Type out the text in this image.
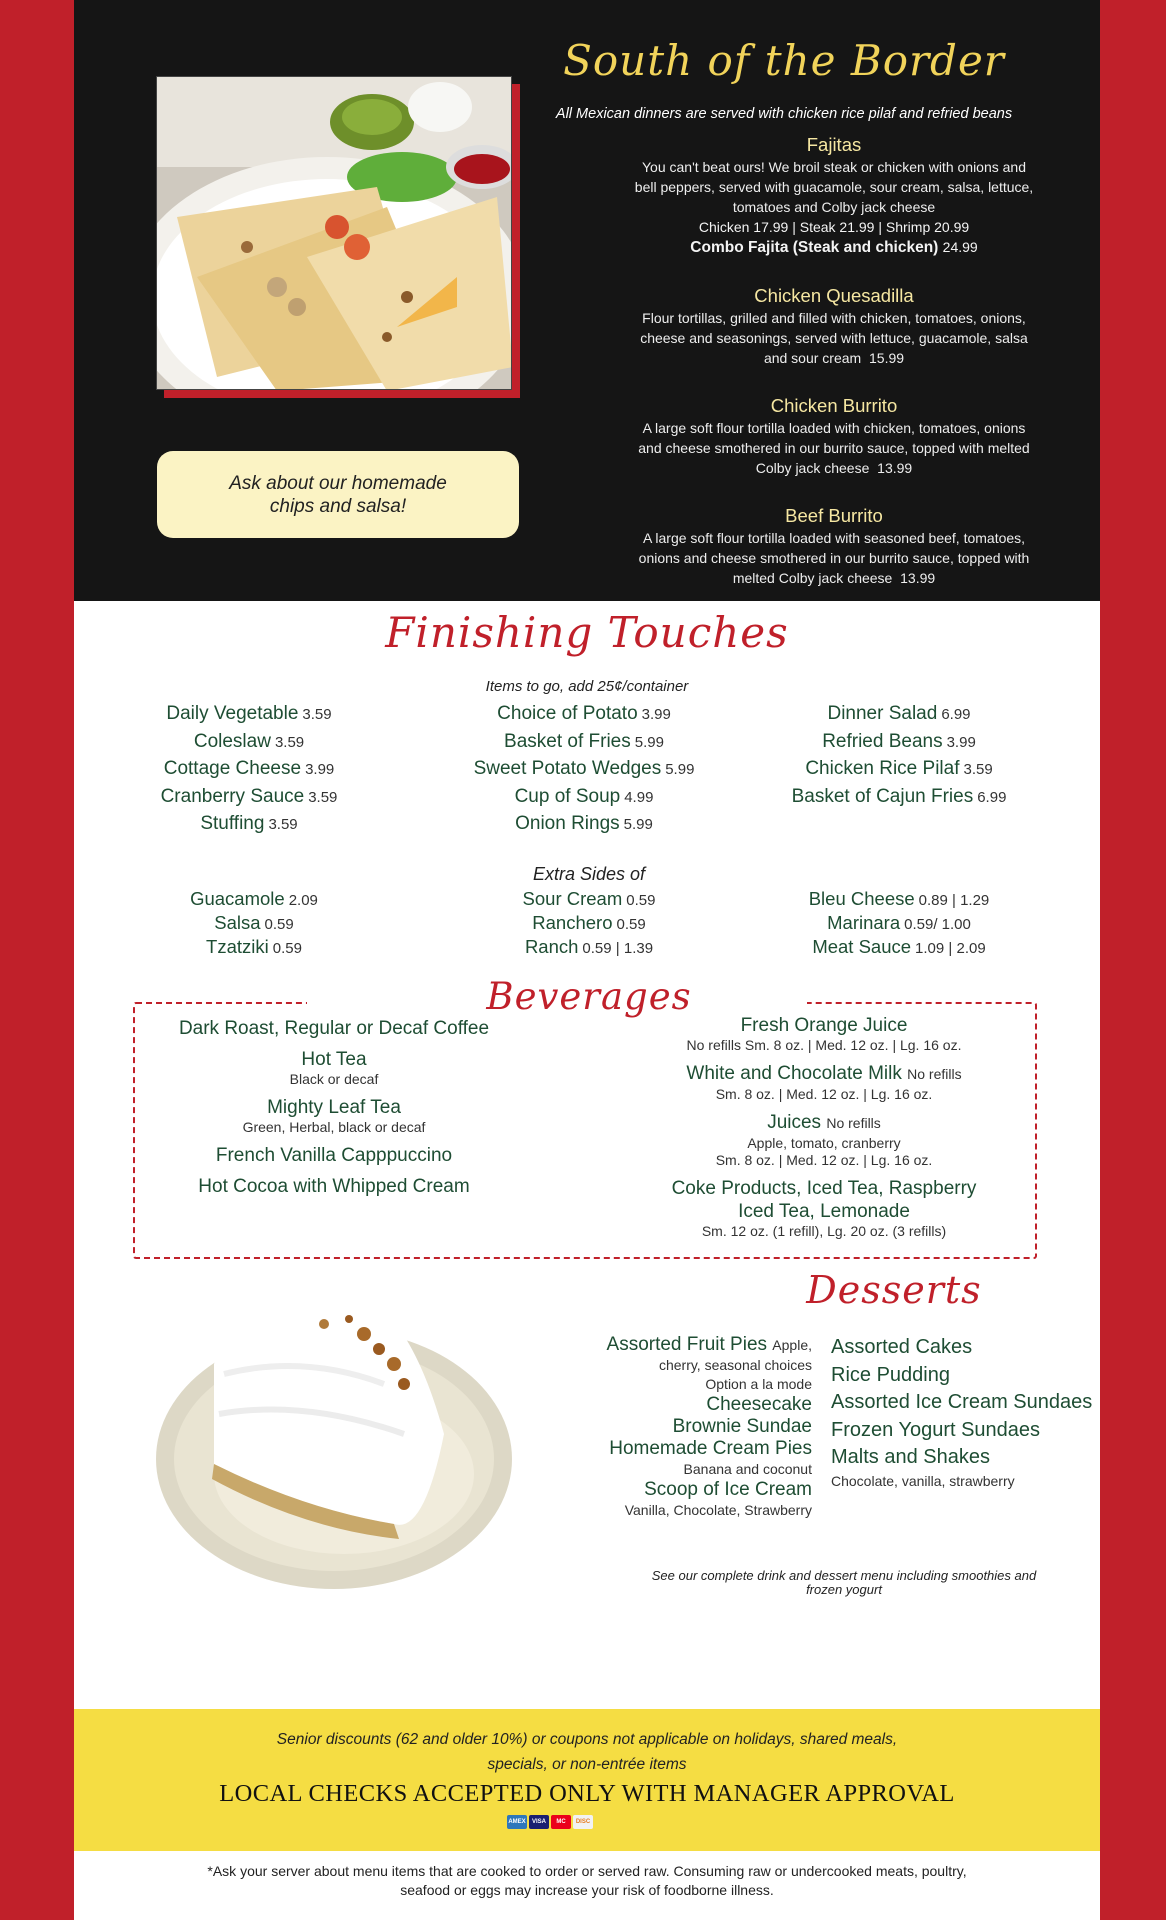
Ask about our homemade chips and salsa!
South of the Border
All Mexican dinners are served with chicken rice pilaf and refried beans
Fajitas
You can't beat ours! We broil steak or chicken with onions and bell peppers, served with guacamole, sour cream, salsa, lettuce, tomatoes and Colby jack cheese
Chicken 17.99 | Steak 21.99 | Shrimp 20.99
Combo Fajita (Steak and chicken) 24.99
Chicken Quesadilla
Flour tortillas, grilled and filled with chicken, tomatoes, onions, cheese and seasonings, served with lettuce, guacamole, salsa and sour cream 15.99
Chicken Burrito
A large soft flour tortilla loaded with chicken, tomatoes, onions and cheese smothered in our burrito sauce, topped with melted Colby jack cheese 13.99
Beef Burrito
A large soft flour tortilla loaded with seasoned beef, tomatoes, onions and cheese smothered in our burrito sauce, topped with melted Colby jack cheese 13.99
Finishing Touches
Items to go, add 25¢/container
Daily Vegetable 3.59
Coleslaw 3.59
Cottage Cheese 3.99
Cranberry Sauce 3.59
Stuffing 3.59
Choice of Potato 3.99
Basket of Fries 5.99
Sweet Potato Wedges 5.99
Cup of Soup 4.99
Onion Rings 5.99
Dinner Salad 6.99
Refried Beans 3.99
Chicken Rice Pilaf 3.59
Basket of Cajun Fries 6.99
Extra Sides of
Guacamole 2.09
Salsa 0.59
Tzatziki 0.59
Sour Cream 0.59
Ranchero 0.59
Ranch 0.59 | 1.39
Bleu Cheese 0.89 | 1.29
Marinara 0.59/ 1.00
Meat Sauce 1.09 | 2.09
Beverages
Dark Roast, Regular or Decaf Coffee
Hot Tea
Black or decaf
Mighty Leaf Tea
Green, Herbal, black or decaf
French Vanilla Capppuccino
Hot Cocoa with Whipped Cream
Fresh Orange Juice
No refills Sm. 8 oz. | Med. 12 oz. | Lg. 16 oz.
White and Chocolate Milk No refills
Sm. 8 oz. | Med. 12 oz. | Lg. 16 oz.
Juices No refills
Apple, tomato, cranberry
Sm. 8 oz. | Med. 12 oz. | Lg. 16 oz.
Coke Products, Iced Tea, Raspberry
Iced Tea, Lemonade
Sm. 12 oz. (1 refill), Lg. 20 oz. (3 refills)
Desserts
Assorted Fruit Pies Apple,
cherry, seasonal choices
Option a la mode
Cheesecake
Brownie Sundae
Homemade Cream Pies
Banana and coconut
Scoop of Ice Cream
Vanilla, Chocolate, Strawberry
Assorted Cakes
Rice Pudding
Assorted Ice Cream Sundaes
Frozen Yogurt Sundaes
Malts and Shakes
Chocolate, vanilla, strawberry
See our complete drink and dessert menu including smoothies and frozen yogurt
Senior discounts (62 and older 10%) or coupons not applicable on holidays, shared meals,
specials, or non-entrée items
LOCAL CHECKS ACCEPTED ONLY WITH MANAGER APPROVAL
AMEX	VISA	MC	DISC
*Ask your server about menu items that are cooked to order or served raw. Consuming raw or undercooked meats, poultry,
seafood or eggs may increase your risk of foodborne illness.
